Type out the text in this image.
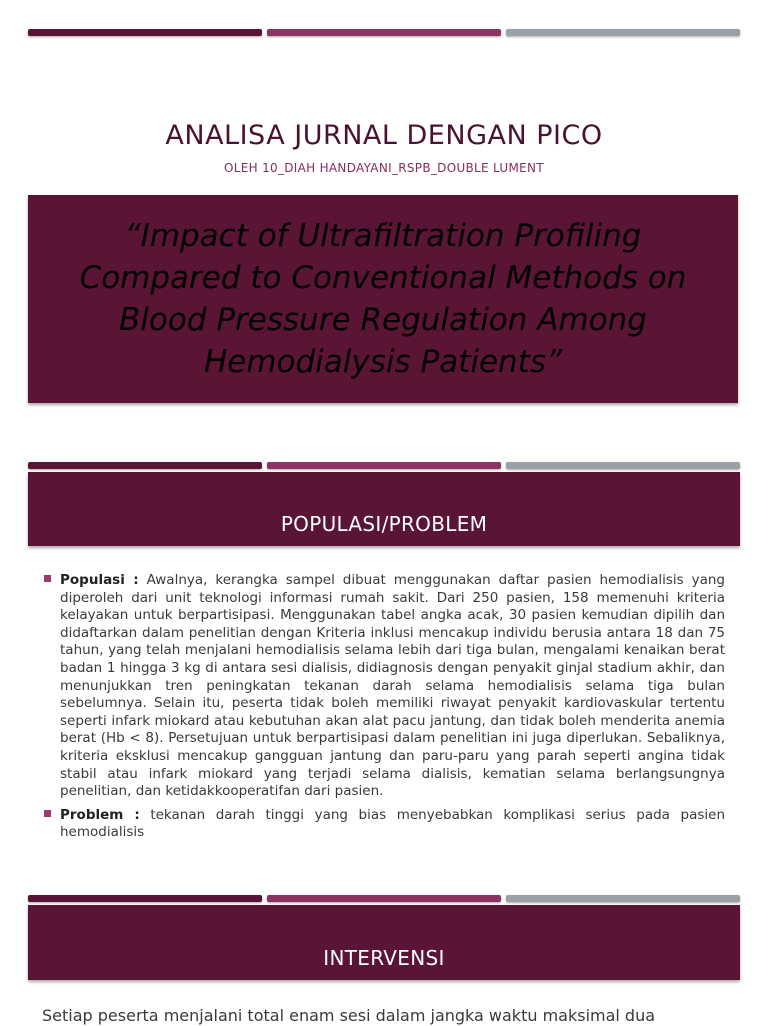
ANALISA JURNAL DENGAN PICO
OLEH 10_DIAH HANDAYANI_RSPB_DOUBLE LUMENT
“Impact of Ultrafiltration Profiling Compared to Conventional Methods on Blood Pressure Regulation Among Hemodialysis Patients”
POPULASI/PROBLEM
Populasi : Awalnya, kerangka sampel dibuat menggunakan daftar pasien hemodialisis yang diperoleh dari unit teknologi informasi rumah sakit. Dari 250 pasien, 158 memenuhi kriteria kelayakan untuk berpartisipasi. Menggunakan tabel angka acak, 30 pasien kemudian dipilih dan didaftarkan dalam penelitian dengan Kriteria inklusi mencakup individu berusia antara 18 dan 75 tahun, yang telah menjalani hemodialisis selama lebih dari tiga bulan, mengalami kenaikan berat badan 1 hingga 3 kg di antara sesi dialisis, didiagnosis dengan penyakit ginjal stadium akhir, dan menunjukkan tren peningkatan tekanan darah selama hemodialisis selama tiga bulan sebelumnya. Selain itu, peserta tidak boleh memiliki riwayat penyakit kardiovaskular tertentu seperti infark miokard atau kebutuhan akan alat pacu jantung, dan tidak boleh menderita anemia berat (Hb < 8). Persetujuan untuk berpartisipasi dalam penelitian ini juga diperlukan. Sebaliknya, kriteria eksklusi mencakup gangguan jantung dan paru-paru yang parah seperti angina tidak stabil atau infark miokard yang terjadi selama dialisis, kematian selama berlangsungnya penelitian, dan ketidakkooperatifan dari pasien.
Problem : tekanan darah tinggi yang bias menyebabkan komplikasi serius pada pasien hemodialisis
INTERVENSI
Setiap peserta menjalani total enam sesi dalam jangka waktu maksimal dua
